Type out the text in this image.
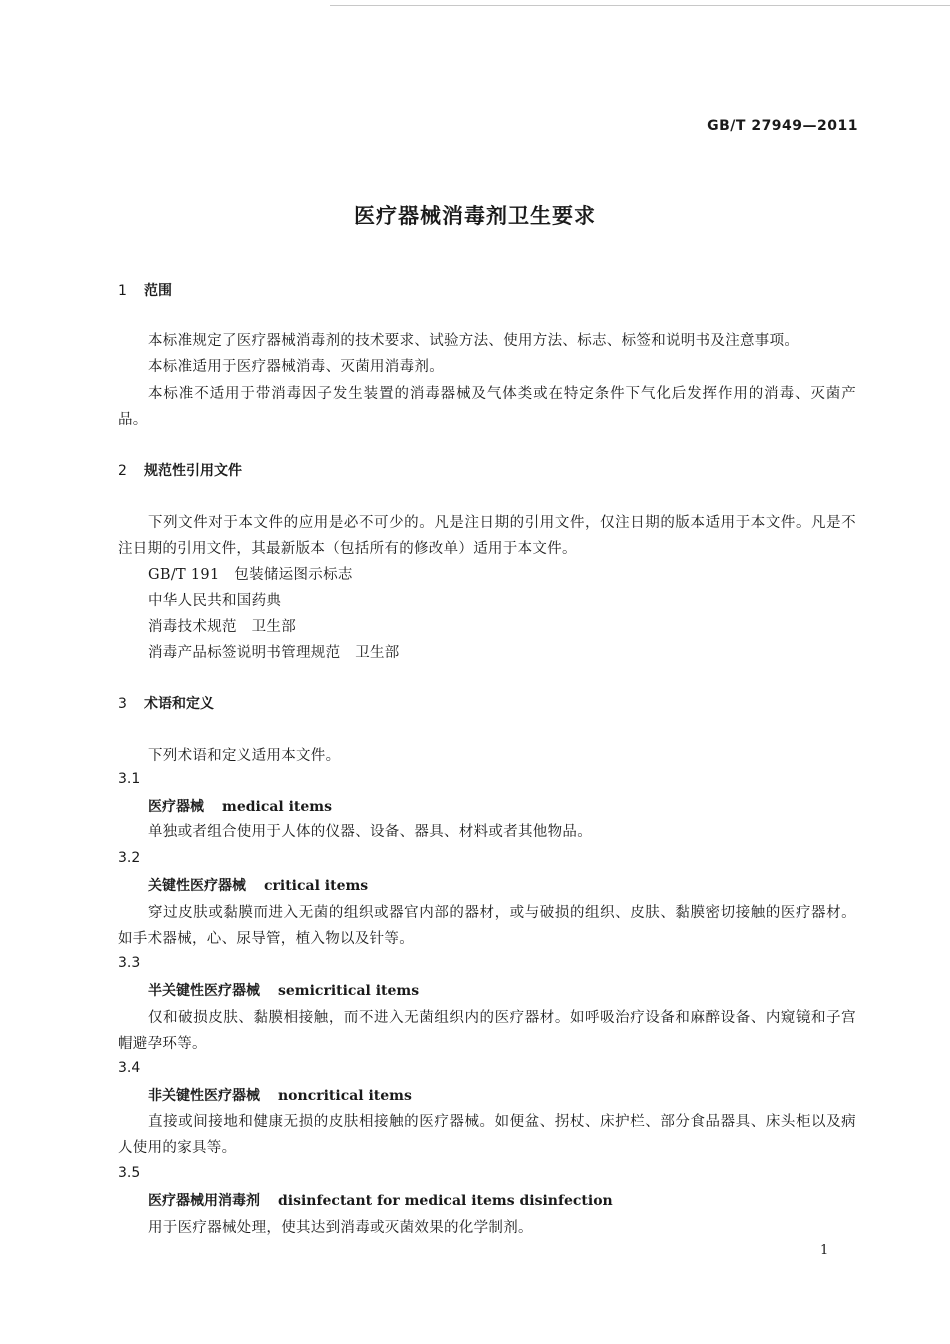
GB/T 27949—2011
医疗器械消毒剂卫生要求
1 范围
本标准规定了医疗器械消毒剂的技术要求、试验方法、使用方法、标志、标签和说明书及注意事项。
本标准适用于医疗器械消毒、灭菌用消毒剂。
本标准不适用于带消毒因子发生装置的消毒器械及气体类或在特定条件下气化后发挥作用的消毒、灭菌产品。
2 规范性引用文件
下列文件对于本文件的应用是必不可少的。凡是注日期的引用文件，仅注日期的版本适用于本文件。凡是不注日期的引用文件，其最新版本（包括所有的修改单）适用于本文件。
GB/T 191　包装储运图示标志
中华人民共和国药典
消毒技术规范　卫生部
消毒产品标签说明书管理规范　卫生部
3 术语和定义
下列术语和定义适用本文件。
3.1
医疗器械 medical items
单独或者组合使用于人体的仪器、设备、器具、材料或者其他物品。
3.2
关键性医疗器械 critical items
穿过皮肤或黏膜而进入无菌的组织或器官内部的器材，或与破损的组织、皮肤、黏膜密切接触的医疗器材。如手术器械，心、尿导管，植入物以及针等。
3.3
半关键性医疗器械 semicritical items
仅和破损皮肤、黏膜相接触，而不进入无菌组织内的医疗器材。如呼吸治疗设备和麻醉设备、内窥镜和子宫帽避孕环等。
3.4
非关键性医疗器械 noncritical items
直接或间接地和健康无损的皮肤相接触的医疗器械。如便盆、拐杖、床护栏、部分食品器具、床头柜以及病人使用的家具等。
3.5
医疗器械用消毒剂 disinfectant for medical items disinfection
用于医疗器械处理，使其达到消毒或灭菌效果的化学制剂。
1
